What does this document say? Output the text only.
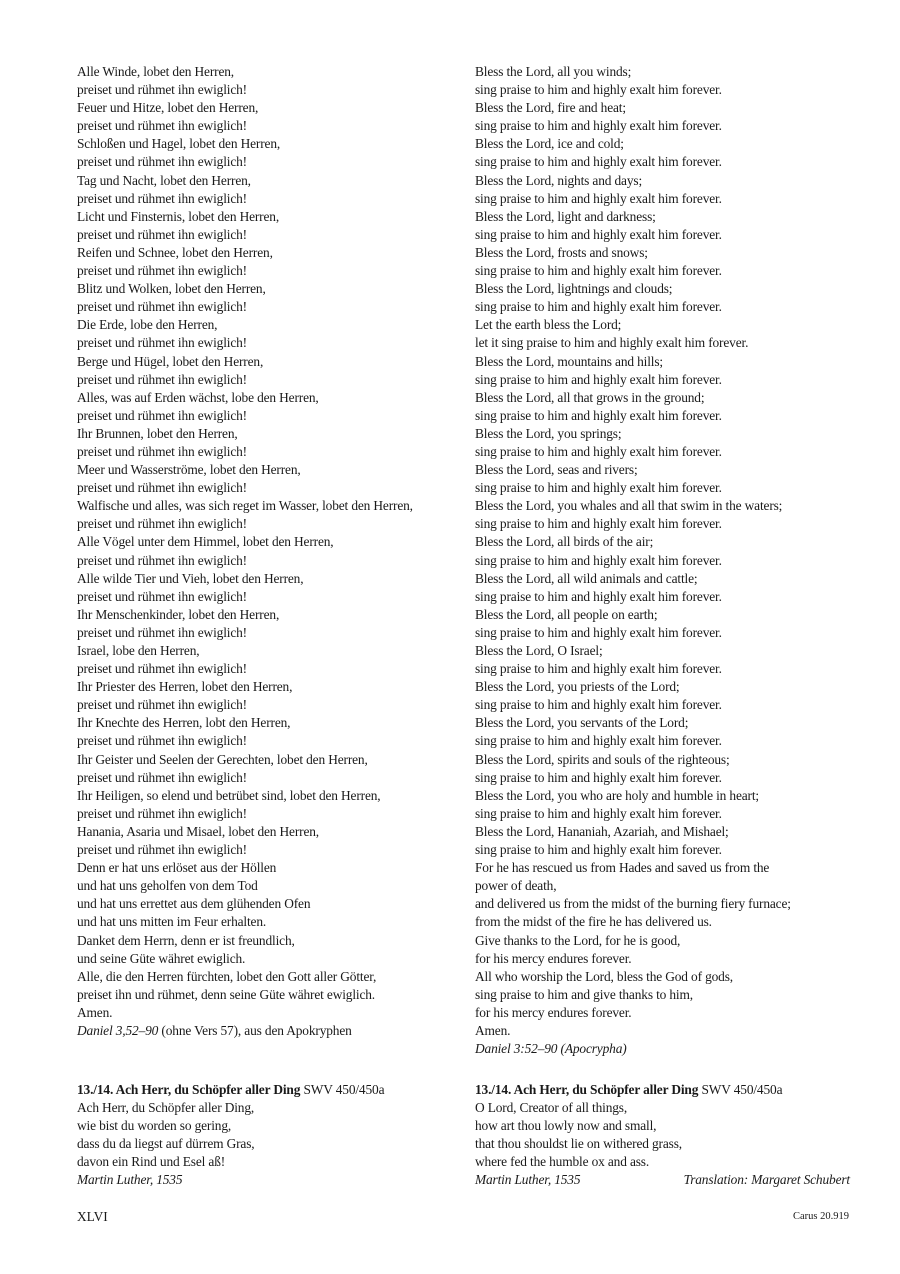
Alle Winde, lobet den Herren,
preiset und rühmet ihn ewiglich!
Feuer und Hitze, lobet den Herren,
preiset und rühmet ihn ewiglich!
Schloßen und Hagel, lobet den Herren,
preiset und rühmet ihn ewiglich!
Tag und Nacht, lobet den Herren,
preiset und rühmet ihn ewiglich!
Licht und Finsternis, lobet den Herren,
preiset und rühmet ihn ewiglich!
Reifen und Schnee, lobet den Herren,
preiset und rühmet ihn ewiglich!
Blitz und Wolken, lobet den Herren,
preiset und rühmet ihn ewiglich!
Die Erde, lobe den Herren,
preiset und rühmet ihn ewiglich!
Berge und Hügel, lobet den Herren,
preiset und rühmet ihn ewiglich!
Alles, was auf Erden wächst, lobe den Herren,
preiset und rühmet ihn ewiglich!
Ihr Brunnen, lobet den Herren,
preiset und rühmet ihn ewiglich!
Meer und Wasserströme, lobet den Herren,
preiset und rühmet ihn ewiglich!
Walfische und alles, was sich reget im Wasser, lobet den Herren,
preiset und rühmet ihn ewiglich!
Alle Vögel unter dem Himmel, lobet den Herren,
preiset und rühmet ihn ewiglich!
Alle wilde Tier und Vieh, lobet den Herren,
preiset und rühmet ihn ewiglich!
Ihr Menschenkinder, lobet den Herren,
preiset und rühmet ihn ewiglich!
Israel, lobe den Herren,
preiset und rühmet ihn ewiglich!
Ihr Priester des Herren, lobet den Herren,
preiset und rühmet ihn ewiglich!
Ihr Knechte des Herren, lobt den Herren,
preiset und rühmet ihn ewiglich!
Ihr Geister und Seelen der Gerechten, lobet den Herren,
preiset und rühmet ihn ewiglich!
Ihr Heiligen, so elend und betrübet sind, lobet den Herren,
preiset und rühmet ihn ewiglich!
Hanania, Asaria und Misael, lobet den Herren,
preiset und rühmet ihn ewiglich!
Denn er hat uns erlöset aus der Höllen
und hat uns geholfen von dem Tod
und hat uns errettet aus dem glühenden Ofen
und hat uns mitten im Feur erhalten.
Danket dem Herrn, denn er ist freundlich,
und seine Güte währet ewiglich.
Alle, die den Herren fürchten, lobet den Gott aller Götter,
preiset ihn und rühmet, denn seine Güte währet ewiglich.
Amen.
Daniel 3,52–90 (ohne Vers 57), aus den Apokryphen
Bless the Lord, all you winds;
sing praise to him and highly exalt him forever.
Bless the Lord, fire and heat;
sing praise to him and highly exalt him forever.
Bless the Lord, ice and cold;
sing praise to him and highly exalt him forever.
Bless the Lord, nights and days;
sing praise to him and highly exalt him forever.
Bless the Lord, light and darkness;
sing praise to him and highly exalt him forever.
Bless the Lord, frosts and snows;
sing praise to him and highly exalt him forever.
Bless the Lord, lightnings and clouds;
sing praise to him and highly exalt him forever.
Let the earth bless the Lord;
let it sing praise to him and highly exalt him forever.
Bless the Lord, mountains and hills;
sing praise to him and highly exalt him forever.
Bless the Lord, all that grows in the ground;
sing praise to him and highly exalt him forever.
Bless the Lord, you springs;
sing praise to him and highly exalt him forever.
Bless the Lord, seas and rivers;
sing praise to him and highly exalt him forever.
Bless the Lord, you whales and all that swim in the waters;
sing praise to him and highly exalt him forever.
Bless the Lord, all birds of the air;
sing praise to him and highly exalt him forever.
Bless the Lord, all wild animals and cattle;
sing praise to him and highly exalt him forever.
Bless the Lord, all people on earth;
sing praise to him and highly exalt him forever.
Bless the Lord, O Israel;
sing praise to him and highly exalt him forever.
Bless the Lord, you priests of the Lord;
sing praise to him and highly exalt him forever.
Bless the Lord, you servants of the Lord;
sing praise to him and highly exalt him forever.
Bless the Lord, spirits and souls of the righteous;
sing praise to him and highly exalt him forever.
Bless the Lord, you who are holy and humble in heart;
sing praise to him and highly exalt him forever.
Bless the Lord, Hananiah, Azariah, and Mishael;
sing praise to him and highly exalt him forever.
For he has rescued us from Hades and saved us from the
power of death,
and delivered us from the midst of the burning fiery furnace;
from the midst of the fire he has delivered us.
Give thanks to the Lord, for he is good,
for his mercy endures forever.
All who worship the Lord, bless the God of gods,
sing praise to him and give thanks to him,
for his mercy endures forever.
Amen.
Daniel 3:52–90 (Apocrypha)
13./14. Ach Herr, du Schöpfer aller Ding SWV 450/450a
Ach Herr, du Schöpfer aller Ding,
wie bist du worden so gering,
dass du da liegst auf dürrem Gras,
davon ein Rind und Esel aß!
Martin Luther, 1535
13./14. Ach Herr, du Schöpfer aller Ding SWV 450/450a
O Lord, Creator of all things,
how art thou lowly now and small,
that thou shouldst lie on withered grass,
where fed the humble ox and ass.
Martin Luther, 1535	Translation: Margaret Schubert
XLVI	Carus 20.919
